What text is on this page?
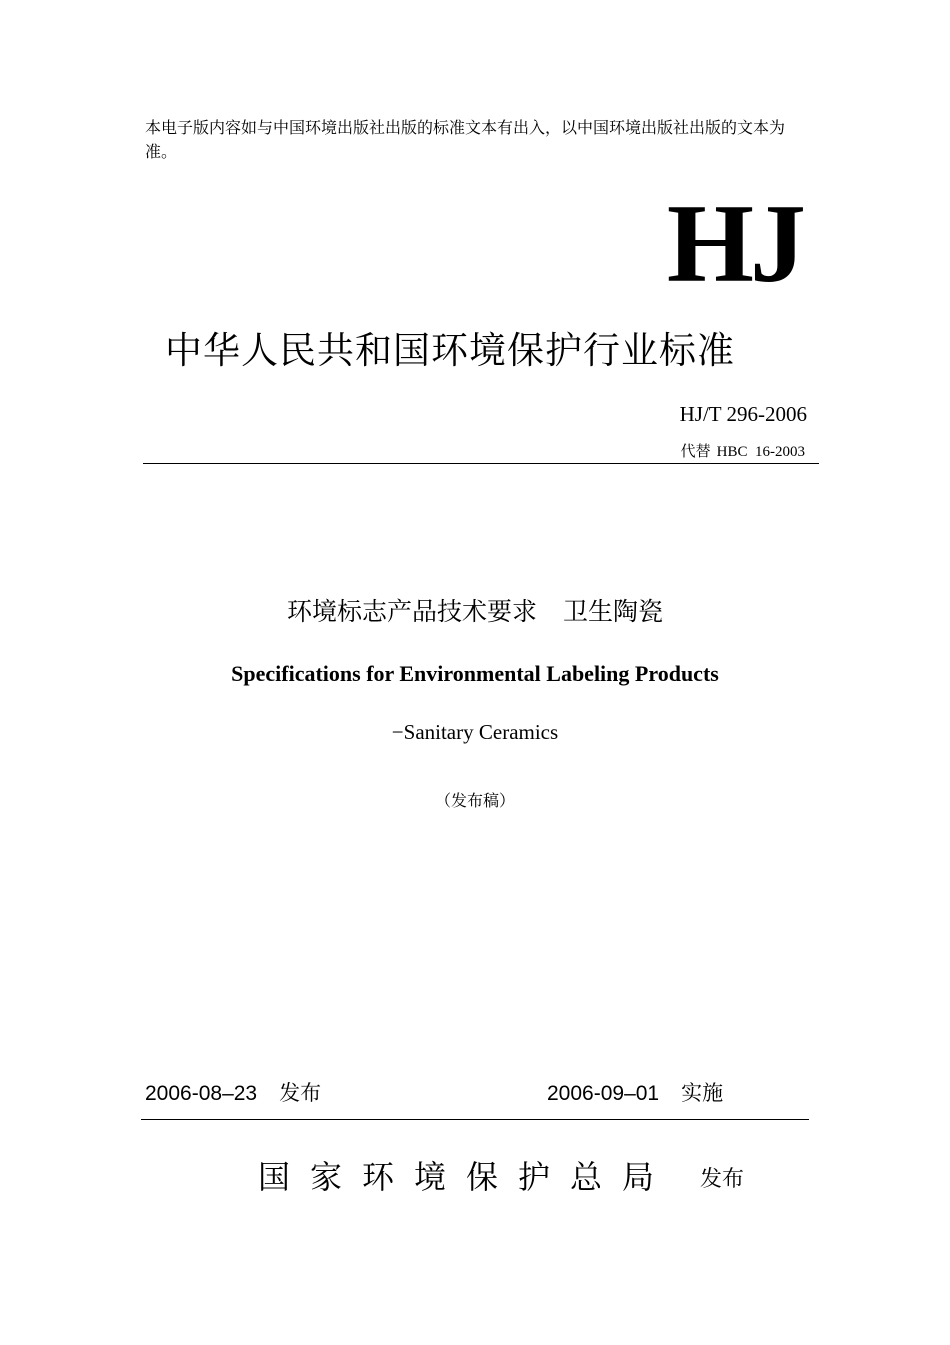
本电子版内容如与中国环境出版社出版的标准文本有出入，以中国环境出版社出版的文本为准。
HJ
中华人民共和国环境保护行业标准
HJ/T 296-2006
代替 HBC  16-2003
环境标志产品技术要求 卫生陶瓷
Specifications for Environmental Labeling Products
−Sanitary Ceramics
（发布稿）
2006-08–23 发布	2006-09–01 实施
国家环境保护总局 发布
